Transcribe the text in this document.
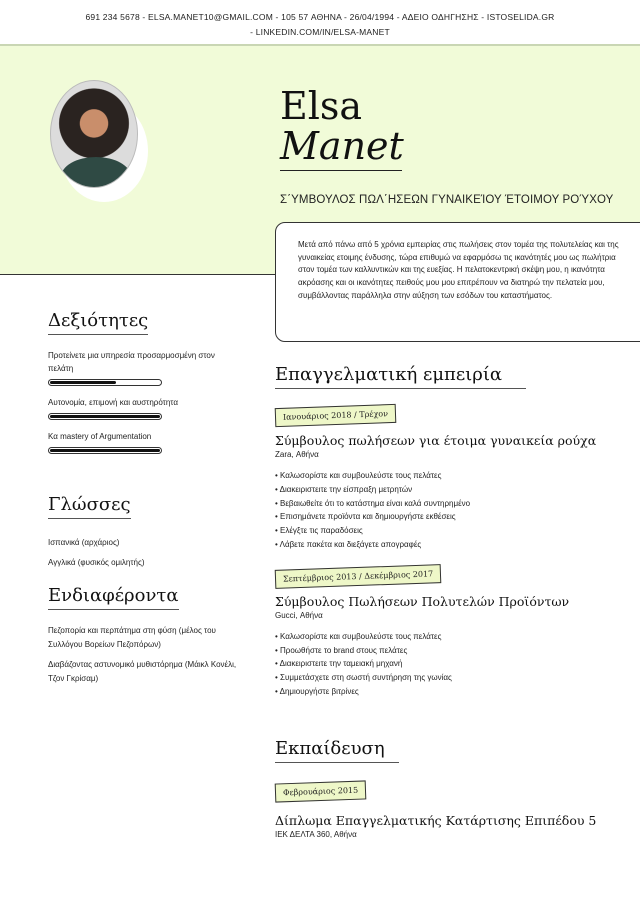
691 234 5678 - ELSA.MANET10@GMAIL.COM - 105 57 ΑΘΗΝΑ - 26/04/1994 - ΑΔΕΙΟ ΟΔΗΓΗΣΗΣ - ISTOSELIDA.GR
- LINKEDIN.COM/IN/ELSA-MANET
Elsa
Manet
Σ΄ΥΜΒΟΥΛΟΣ ΠΩΛ΄ΗΣΕΩΝ ΓΥΝΑΙΚΕΊΟΥ ΈΤΟΙΜΟΥ ΡΟΎΧΟΥ
Μετά από πάνω από 5 χρόνια εμπειρίας στις πωλήσεις στον τομέα της πολυτελείας και της γυναικείας ετοιμης ένδυσης, τώρα επιθυμώ να εφαρμόσω τις ικανότητές μου ως πωλήτρια στον τομέα των καλλυντικών και της ευεξίας. Η πελατοκεντρική σκέψη μου, η ικανότητα ακρόασης και οι ικανότητες πειθούς μου μου επιτρέπουν να διατηρώ την πελατεία μου, συμβάλλοντας παράλληλα στην αύξηση των εσόδων του καταστήματος.
Δεξιότητες
Προτείνετε μια υπηρεσία προσαρμοσμένη στον πελάτη
Αυτονομία, επιμονή και αυστηρότητα
Κα mastery of Argumentation
Γλώσσες
Ισπανικά (αρχάριος)
Αγγλικά (φυσικός ομιλητής)
Ενδιαφέροντα
Πεζοπορία και περπάτημα στη φύση (μέλος του Συλλόγου Βορείων Πεζοπόρων)
Διαβάζοντας αστυνομικό μυθιστόρημα (Μάικλ Κονέλι, Τζον Γκρίσαμ)
Επαγγελματική εμπειρία
Ιανουάριος 2018 / Τρέχον
Σύμβουλος πωλήσεων για έτοιμα γυναικεία ρούχα
Zara, Αθήνα
• Καλωσορίστε και συμβουλεύστε τους πελάτες
• Διακειριστειτε την είσπραξη μετρητών
• Βεβαιωθείτε ότι το κατάστημα είναι καλά συντηρημένο
• Επισημάνετε προϊόντα και δημιουργήστε εκθέσεις
• Ελέγξτε τις παραδόσεις
• Λάβετε πακέτα και διεξάγετε απογραφές
Σεπτέμβριος 2013 / Δεκέμβριος 2017
Σύμβουλος Πωλήσεων Πολυτελών Προϊόντων
Gucci, Αθήνα
• Καλωσορίστε και συμβουλεύστε τους πελάτες
• Προωθήστε το brand στους πελάτες
• Διακειριστειτε την ταμειακή μηχανή
• Συμμετάσχετε στη σωστή συντήρηση της γωνίας
• Δημιουργήστε βιτρίνες
Εκπαίδευση
Φεβρουάριος 2015
Δίπλωμα Επαγγελματικής Κατάρτισης Επιπέδου 5
ΙΕΚ ΔΕΛΤΑ 360, Αθήνα
